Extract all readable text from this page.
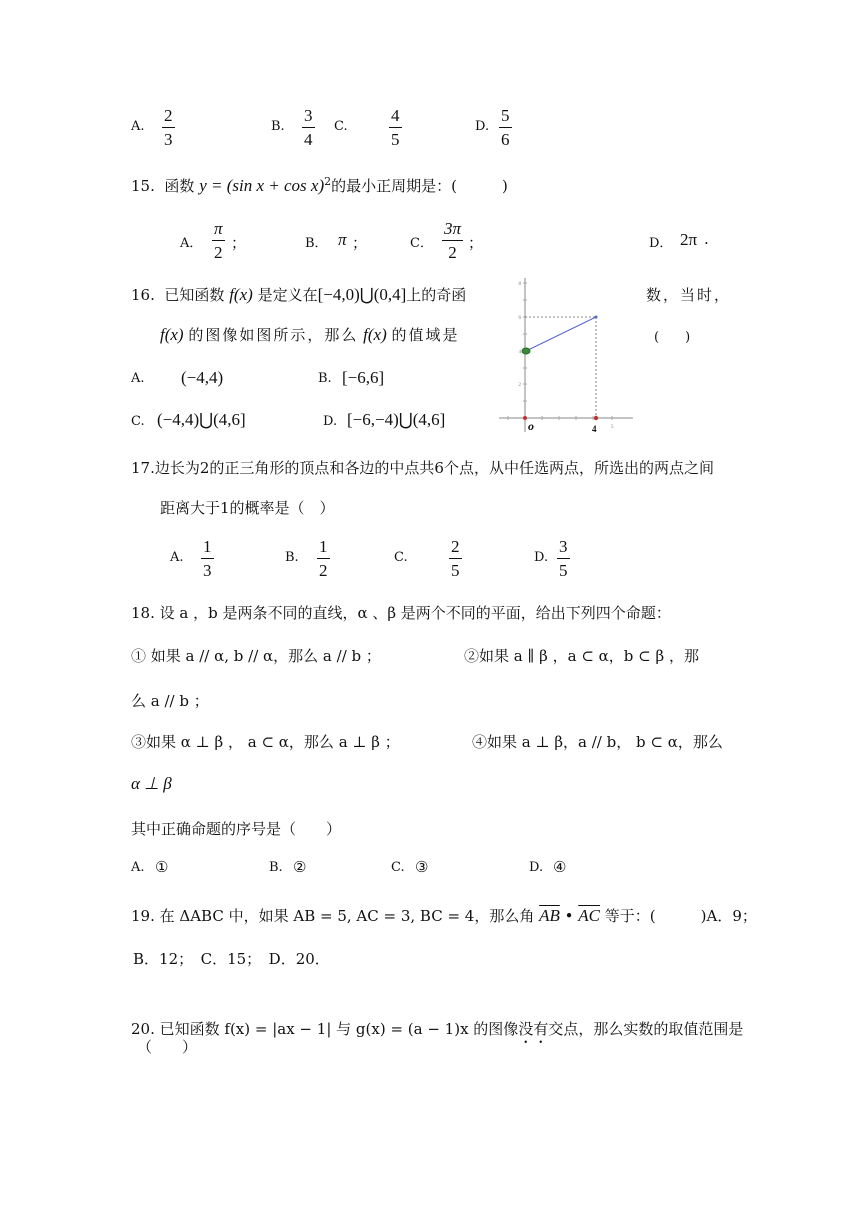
A.
2
3
B.
3
4
C.
4
5
D.
5
6
15. 函数 y = (sin x + cos x)$^2$的最小正周期是：(　　　)
A．
π
2 ；	B． π ；	C．
3π
2 ；	D． 2π .
16. 已知函数 f(x) 是定义在[−4,0)⋃(0,4]上的奇函	数，当时，
f(x) 的图像如图所示，那么 f(x) 的值域是	(　　)
A. (−4,4)	B. [−6,6]
C. (−4,4)⋃(4,6]	D. [−6,−4)⋃(4,6]
8
6
4
2
o	4	5
17.边长为2的正三角形的顶点和各边的中点共6个点，从中任选两点，所选出的两点之间
距离大于1的概率是（　）
A.
1
3
B.
1
2
C.
2
5
D.
3
5
18. 设 a ，b 是两条不同的直线，α 、β 是两个不同的平面，给出下列四个命题：
① 如果 a // α, b // α，那么 a // b ；	②如果 a ∥ β ，a ⊂ α，b ⊂ β ，那
么 a // b ；
③如果 α ⊥ β ， a ⊂ α，那么 a ⊥ β ；	④如果 a ⊥ β，a // b， b ⊂ α，那么
α ⊥ β
其中正确命题的序号是（　　）
A. ①	B. ②	C. ③	D. ④
19. 在 ΔABC 中，如果 AB = 5, AC = 3, BC = 4，那么角 $\overline{AB}$ • $\overline{AC}$ 等于：(　　　)A．9；
B．12；　C．15；　D．20．
20. 已知函数 f(x) = |ax − 1| 与 g(x) = (a − 1)x 的图像没有交点，那么实数的取值范围是
（　　）
